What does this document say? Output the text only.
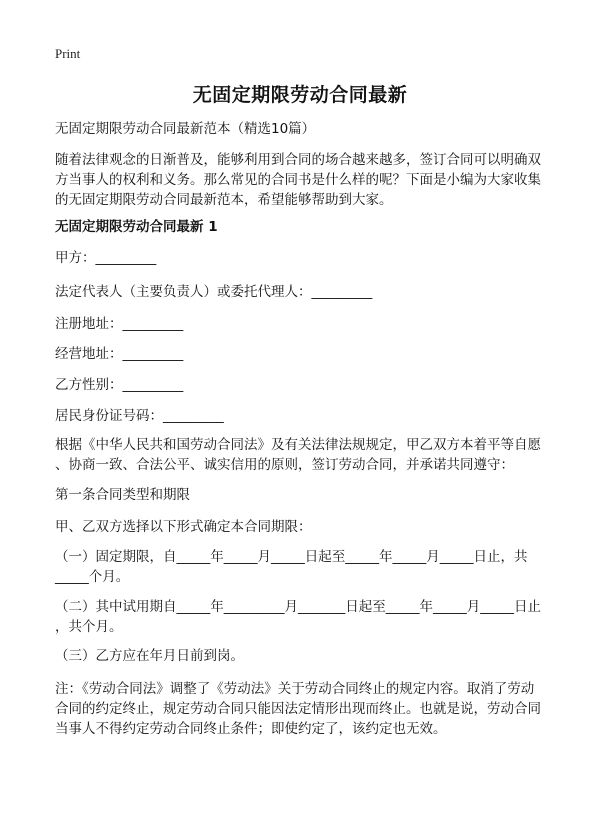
Print
无固定期限劳动合同最新
无固定期限劳动合同最新范本（精选10篇）
随着法律观念的日渐普及，能够利用到合同的场合越来越多，签订合同可以明确双
方当事人的权利和义务。那么常见的合同书是什么样的呢？下面是小编为大家收集
的无固定期限劳动合同最新范本，希望能够帮助到大家。
无固定期限劳动合同最新 1
甲方：_________
法定代表人（主要负责人）或委托代理人：_________
注册地址：_________
经营地址：_________
乙方性别：_________
居民身份证号码：_________
根据《中华人民共和国劳动合同法》及有关法律法规规定，甲乙双方本着平等自愿
、协商一致、合法公平、诚实信用的原则，签订劳动合同，并承诺共同遵守：
第一条合同类型和期限
甲、乙双方选择以下形式确定本合同期限：
（一）固定期限，自_____年_____月_____日起至_____年_____月_____日止，共
_____个月。
（二）其中试用期自_____年_________月_______日起至_____年_____月_____日止
，共个月。
（三）乙方应在年月日前到岗。
注：《劳动合同法》调整了《劳动法》关于劳动合同终止的规定内容。取消了劳动
合同的约定终止，规定劳动合同只能因法定情形出现而终止。也就是说，劳动合同
当事人不得约定劳动合同终止条件；即使约定了，该约定也无效。
